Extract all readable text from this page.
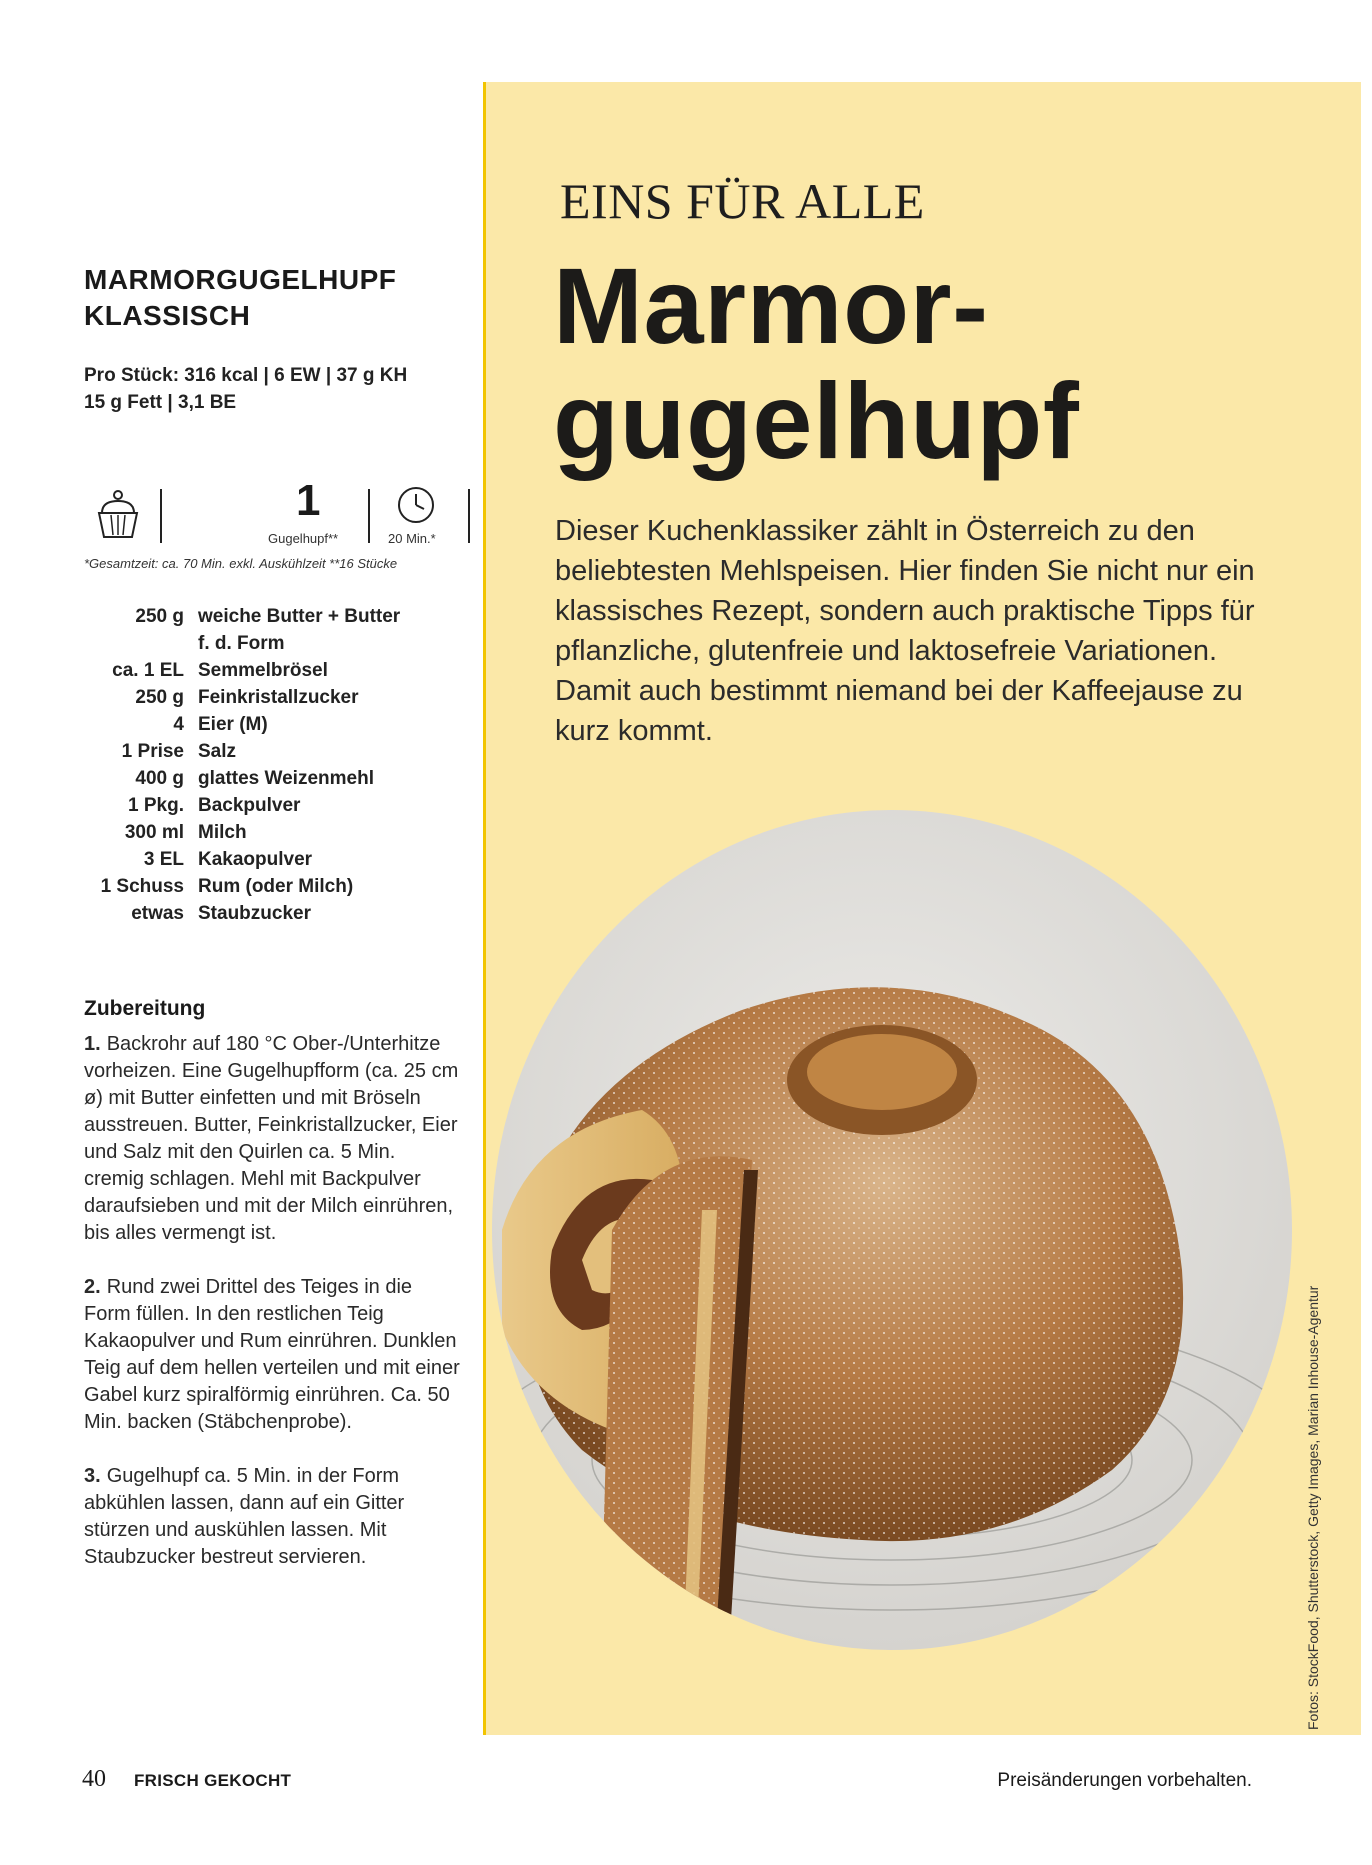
MARMORGUGELHUPF
KLASSISCH
Pro Stück: 316 kcal | 6 EW | 37 g KH
15 g Fett | 3,1 BE
1
Gugelhupf**	20 Min.*
*Gesamtzeit: ca. 70 Min. exkl. Auskühlzeit **16 Stücke
250 g weiche Butter + Butter
f. d. Form
ca. 1 EL Semmelbrösel
250 g Feinkristallzucker
4 Eier (M)
1 Prise Salz
400 g glattes Weizenmehl
1 Pkg. Backpulver
300 ml Milch
3 EL Kakaopulver
1 Schuss Rum (oder Milch)
etwas Staubzucker
Zubereitung

1. Backrohr auf 180 °C Ober-/Unterhitze vorheizen. Eine Gugelhupfform (ca. 25 cm ø) mit Butter einfetten und mit Bröseln ausstreuen. Butter, Feinkristallzucker, Eier und Salz mit den Quirlen ca. 5 Min. cremig schlagen. Mehl mit Backpulver daraufsieben und mit der Milch einrühren, bis alles vermengt ist.

2. Rund zwei Drittel des Teiges in die Form füllen. In den restlichen Teig Kakaopulver und Rum einrühren. Dunklen Teig auf dem hellen verteilen und mit einer Gabel kurz spiralförmig einrühren. Ca. 50 Min. backen (Stäbchenprobe).

3. Gugelhupf ca. 5 Min. in der Form abkühlen lassen, dann auf ein Gitter stürzen und auskühlen lassen. Mit Staubzucker bestreut servieren.

EINS FÜR ALLE
Marmor-
gugelhupf
Dieser Kuchenklassiker zählt in Österreich zu den beliebtesten Mehlspeisen. Hier finden Sie nicht nur ein klassisches Rezept, sondern auch praktische Tipps für pflanzliche, glutenfreie und laktosefreie Variationen. Damit auch bestimmt niemand bei der Kaffeejause zu kurz kommt.
Fotos: StockFood, Shutterstock, Getty Images, Marian Inhouse-Agentur
40 FRISCH GEKOCHT	Preisänderungen vorbehalten.
